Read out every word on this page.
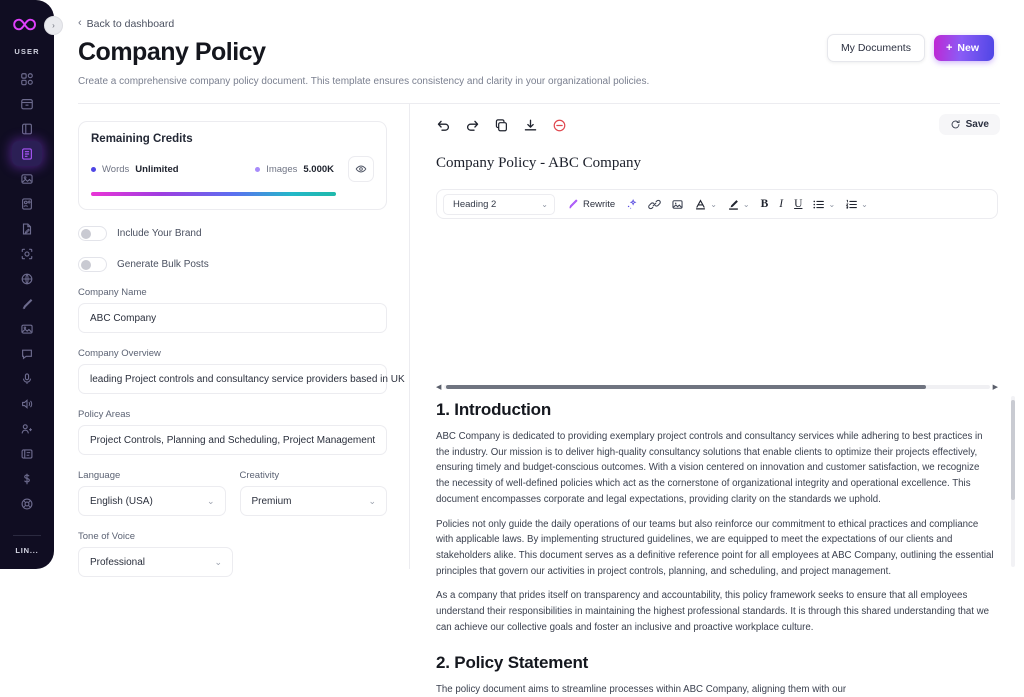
USER
LIN...
›	‹ Back to dashboard
Company Policy
Create a comprehensive company policy document. This template ensures consistency and clarity in your organizational policies.
My Documents	+ New
Remaining Credits
Words Unlimited	Images 5.000K
Include Your Brand
Generate Bulk Posts
Company Name
ABC Company
Company Overview
leading Project controls and consultancy service providers based in UK
Policy Areas
Project Controls, Planning and Scheduling, Project Management
Language
English (USA)	⌄
Creativity
Premium	⌄
Tone of Voice
Professional	⌄
Save
Company Policy - ABC Company
Heading 2	⌄	Rewrite	⌄	⌄ B I U	⌄	⌄
◀	▶
1. Introduction
ABC Company is dedicated to providing exemplary project controls and consultancy services while adhering to best practices in the industry. Our mission is to deliver high-quality consultancy solutions that enable clients to optimize their projects effectively, ensuring timely and budget-conscious outcomes. With a vision centered on innovation and customer satisfaction, we recognize the necessity of well-defined policies which act as the cornerstone of organizational integrity and operational excellence. This document encompasses corporate and legal expectations, providing clarity on the standards we uphold.
Policies not only guide the daily operations of our teams but also reinforce our commitment to ethical practices and compliance with applicable laws. By implementing structured guidelines, we are equipped to meet the expectations of our clients and stakeholders alike. This document serves as a definitive reference point for all employees at ABC Company, outlining the essential principles that govern our activities in project controls, planning, and scheduling, and project management.
As a company that prides itself on transparency and accountability, this policy framework seeks to ensure that all employees understand their responsibilities in maintaining the highest professional standards. It is through this shared understanding that we can achieve our collective goals and foster an inclusive and proactive workplace culture.
2. Policy Statement
The policy document aims to streamline processes within ABC Company, aligning them with our
